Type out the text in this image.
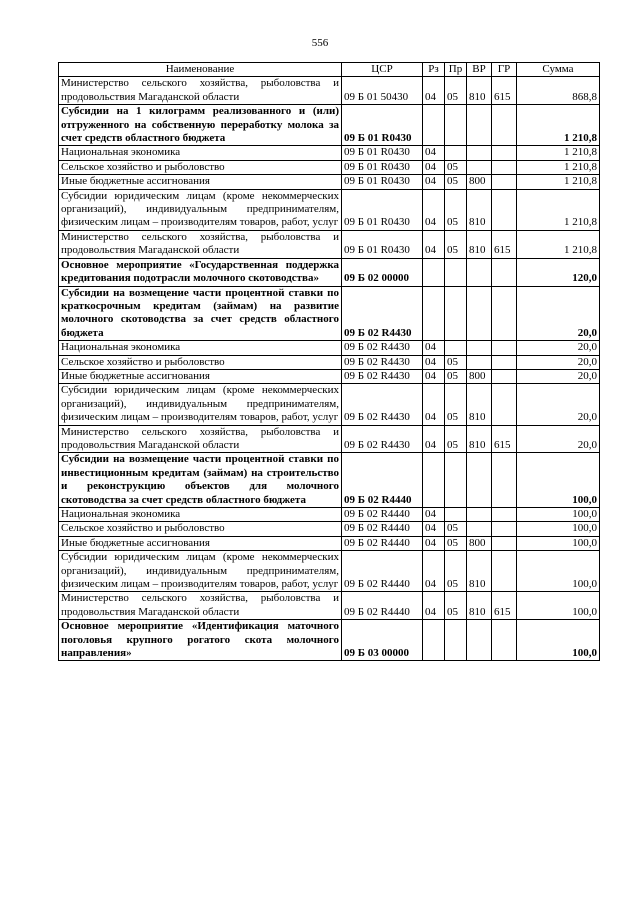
556
Наименование	ЦСР	Рз	Пр	ВР	ГР	Сумма
Министерство сельского хозяйства, рыболовства и продовольствия Магаданской области	09 Б 01 50430	04	05	810	615	868,8
Субсидии на 1 килограмм реализованного и (или) отгруженного на собственную переработку молока за счет средств областного бюджета	09 Б 01 R0430					1 210,8
Национальная экономика	09 Б 01 R0430	04				1 210,8
Сельское хозяйство и рыболовство	09 Б 01 R0430	04	05			1 210,8
Иные бюджетные ассигнования	09 Б 01 R0430	04	05	800		1 210,8
Субсидии юридическим лицам (кроме некоммерческих организаций), индивидуальным предпринимателям, физическим лицам – производителям товаров, работ, услуг	09 Б 01 R0430	04	05	810		1 210,8
Министерство сельского хозяйства, рыболовства и продовольствия Магаданской области	09 Б 01 R0430	04	05	810	615	1 210,8
Основное мероприятие «Государственная поддержка кредитования подотрасли молочного скотоводства»	09 Б 02 00000					120,0
Субсидии на возмещение части процентной ставки по краткосрочным кредитам (займам) на развитие молочного скотоводства за счет средств областного бюджета	09 Б 02 R4430					20,0
Национальная экономика	09 Б 02 R4430	04				20,0
Сельское хозяйство и рыболовство	09 Б 02 R4430	04	05			20,0
Иные бюджетные ассигнования	09 Б 02 R4430	04	05	800		20,0
Субсидии юридическим лицам (кроме некоммерческих организаций), индивидуальным предпринимателям, физическим лицам – производителям товаров, работ, услуг	09 Б 02 R4430	04	05	810		20,0
Министерство сельского хозяйства, рыболовства и продовольствия Магаданской области	09 Б 02 R4430	04	05	810	615	20,0
Субсидии на возмещение части процентной ставки по инвестиционным кредитам (займам) на строительство и реконструкцию объектов для молочного скотоводства за счет средств областного бюджета	09 Б 02 R4440					100,0
Национальная экономика	09 Б 02 R4440	04				100,0
Сельское хозяйство и рыболовство	09 Б 02 R4440	04	05			100,0
Иные бюджетные ассигнования	09 Б 02 R4440	04	05	800		100,0
Субсидии юридическим лицам (кроме некоммерческих организаций), индивидуальным предпринимателям, физическим лицам – производителям товаров, работ, услуг	09 Б 02 R4440	04	05	810		100,0
Министерство сельского хозяйства, рыболовства и продовольствия Магаданской области	09 Б 02 R4440	04	05	810	615	100,0
Основное мероприятие «Идентификация маточного поголовья крупного рогатого скота молочного направления»	09 Б 03 00000					100,0
